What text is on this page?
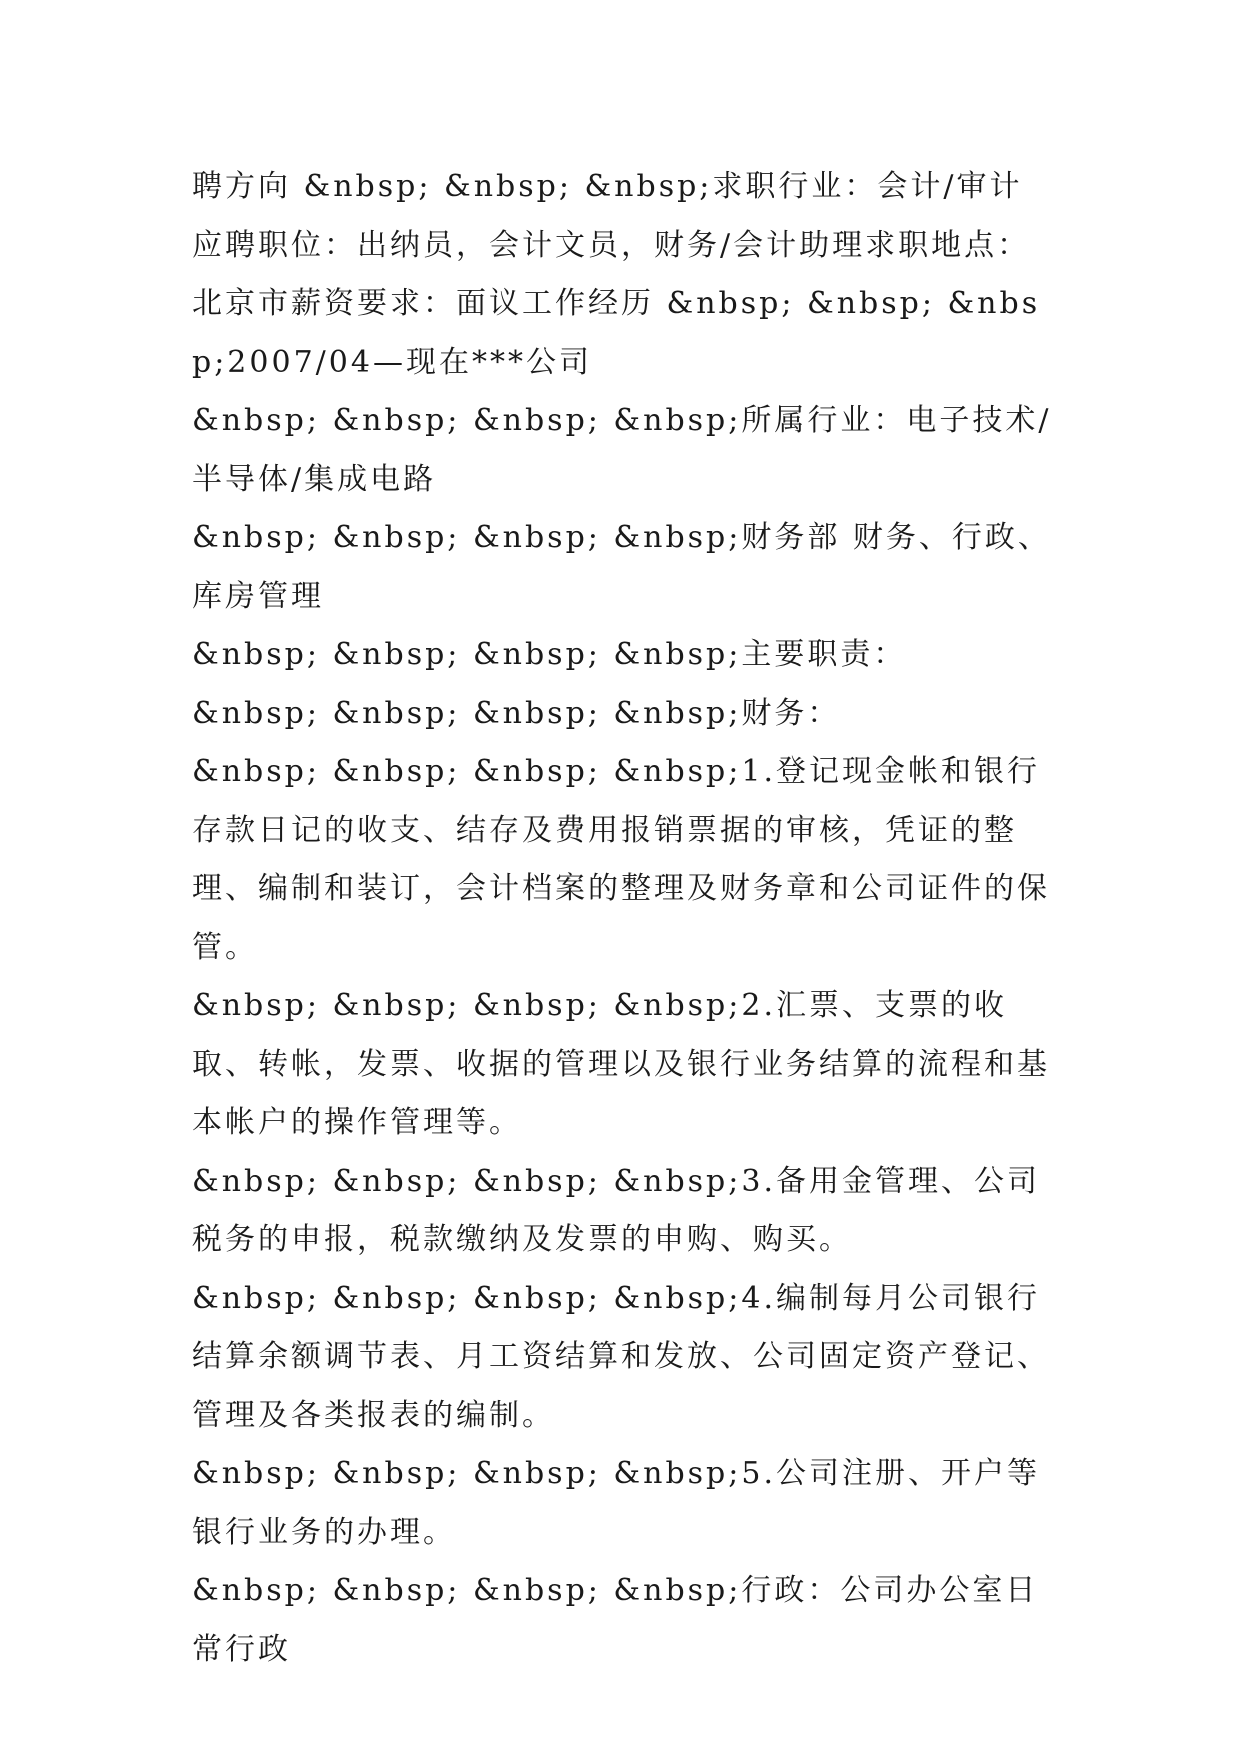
聘方向 &nbsp; &nbsp; &nbsp;求职行业：会计/审计应聘职位：出纳员，会计文员，财务/会计助理求职地点：北京市薪资要求：面议工作经历 &nbsp; &nbsp; &nbsp;2007/04—现在***公司

&nbsp; &nbsp; &nbsp; &nbsp;所属行业：电子技术/半导体/集成电路

&nbsp; &nbsp; &nbsp; &nbsp;财务部 财务、行政、库房管理

&nbsp; &nbsp; &nbsp; &nbsp;主要职责：

&nbsp; &nbsp; &nbsp; &nbsp;财务：

&nbsp; &nbsp; &nbsp; &nbsp;1.登记现金帐和银行存款日记的收支、结存及费用报销票据的审核，凭证的整理、编制和装订，会计档案的整理及财务章和公司证件的保管。

&nbsp; &nbsp; &nbsp; &nbsp;2.汇票、支票的收取、转帐，发票、收据的管理以及银行业务结算的流程和基本帐户的操作管理等。

&nbsp; &nbsp; &nbsp; &nbsp;3.备用金管理、公司税务的申报，税款缴纳及发票的申购、购买。

&nbsp; &nbsp; &nbsp; &nbsp;4.编制每月公司银行结算余额调节表、月工资结算和发放、公司固定资产登记、管理及各类报表的编制。

&nbsp; &nbsp; &nbsp; &nbsp;5.公司注册、开户等银行业务的办理。

&nbsp; &nbsp; &nbsp; &nbsp;行政：公司办公室日常行政
